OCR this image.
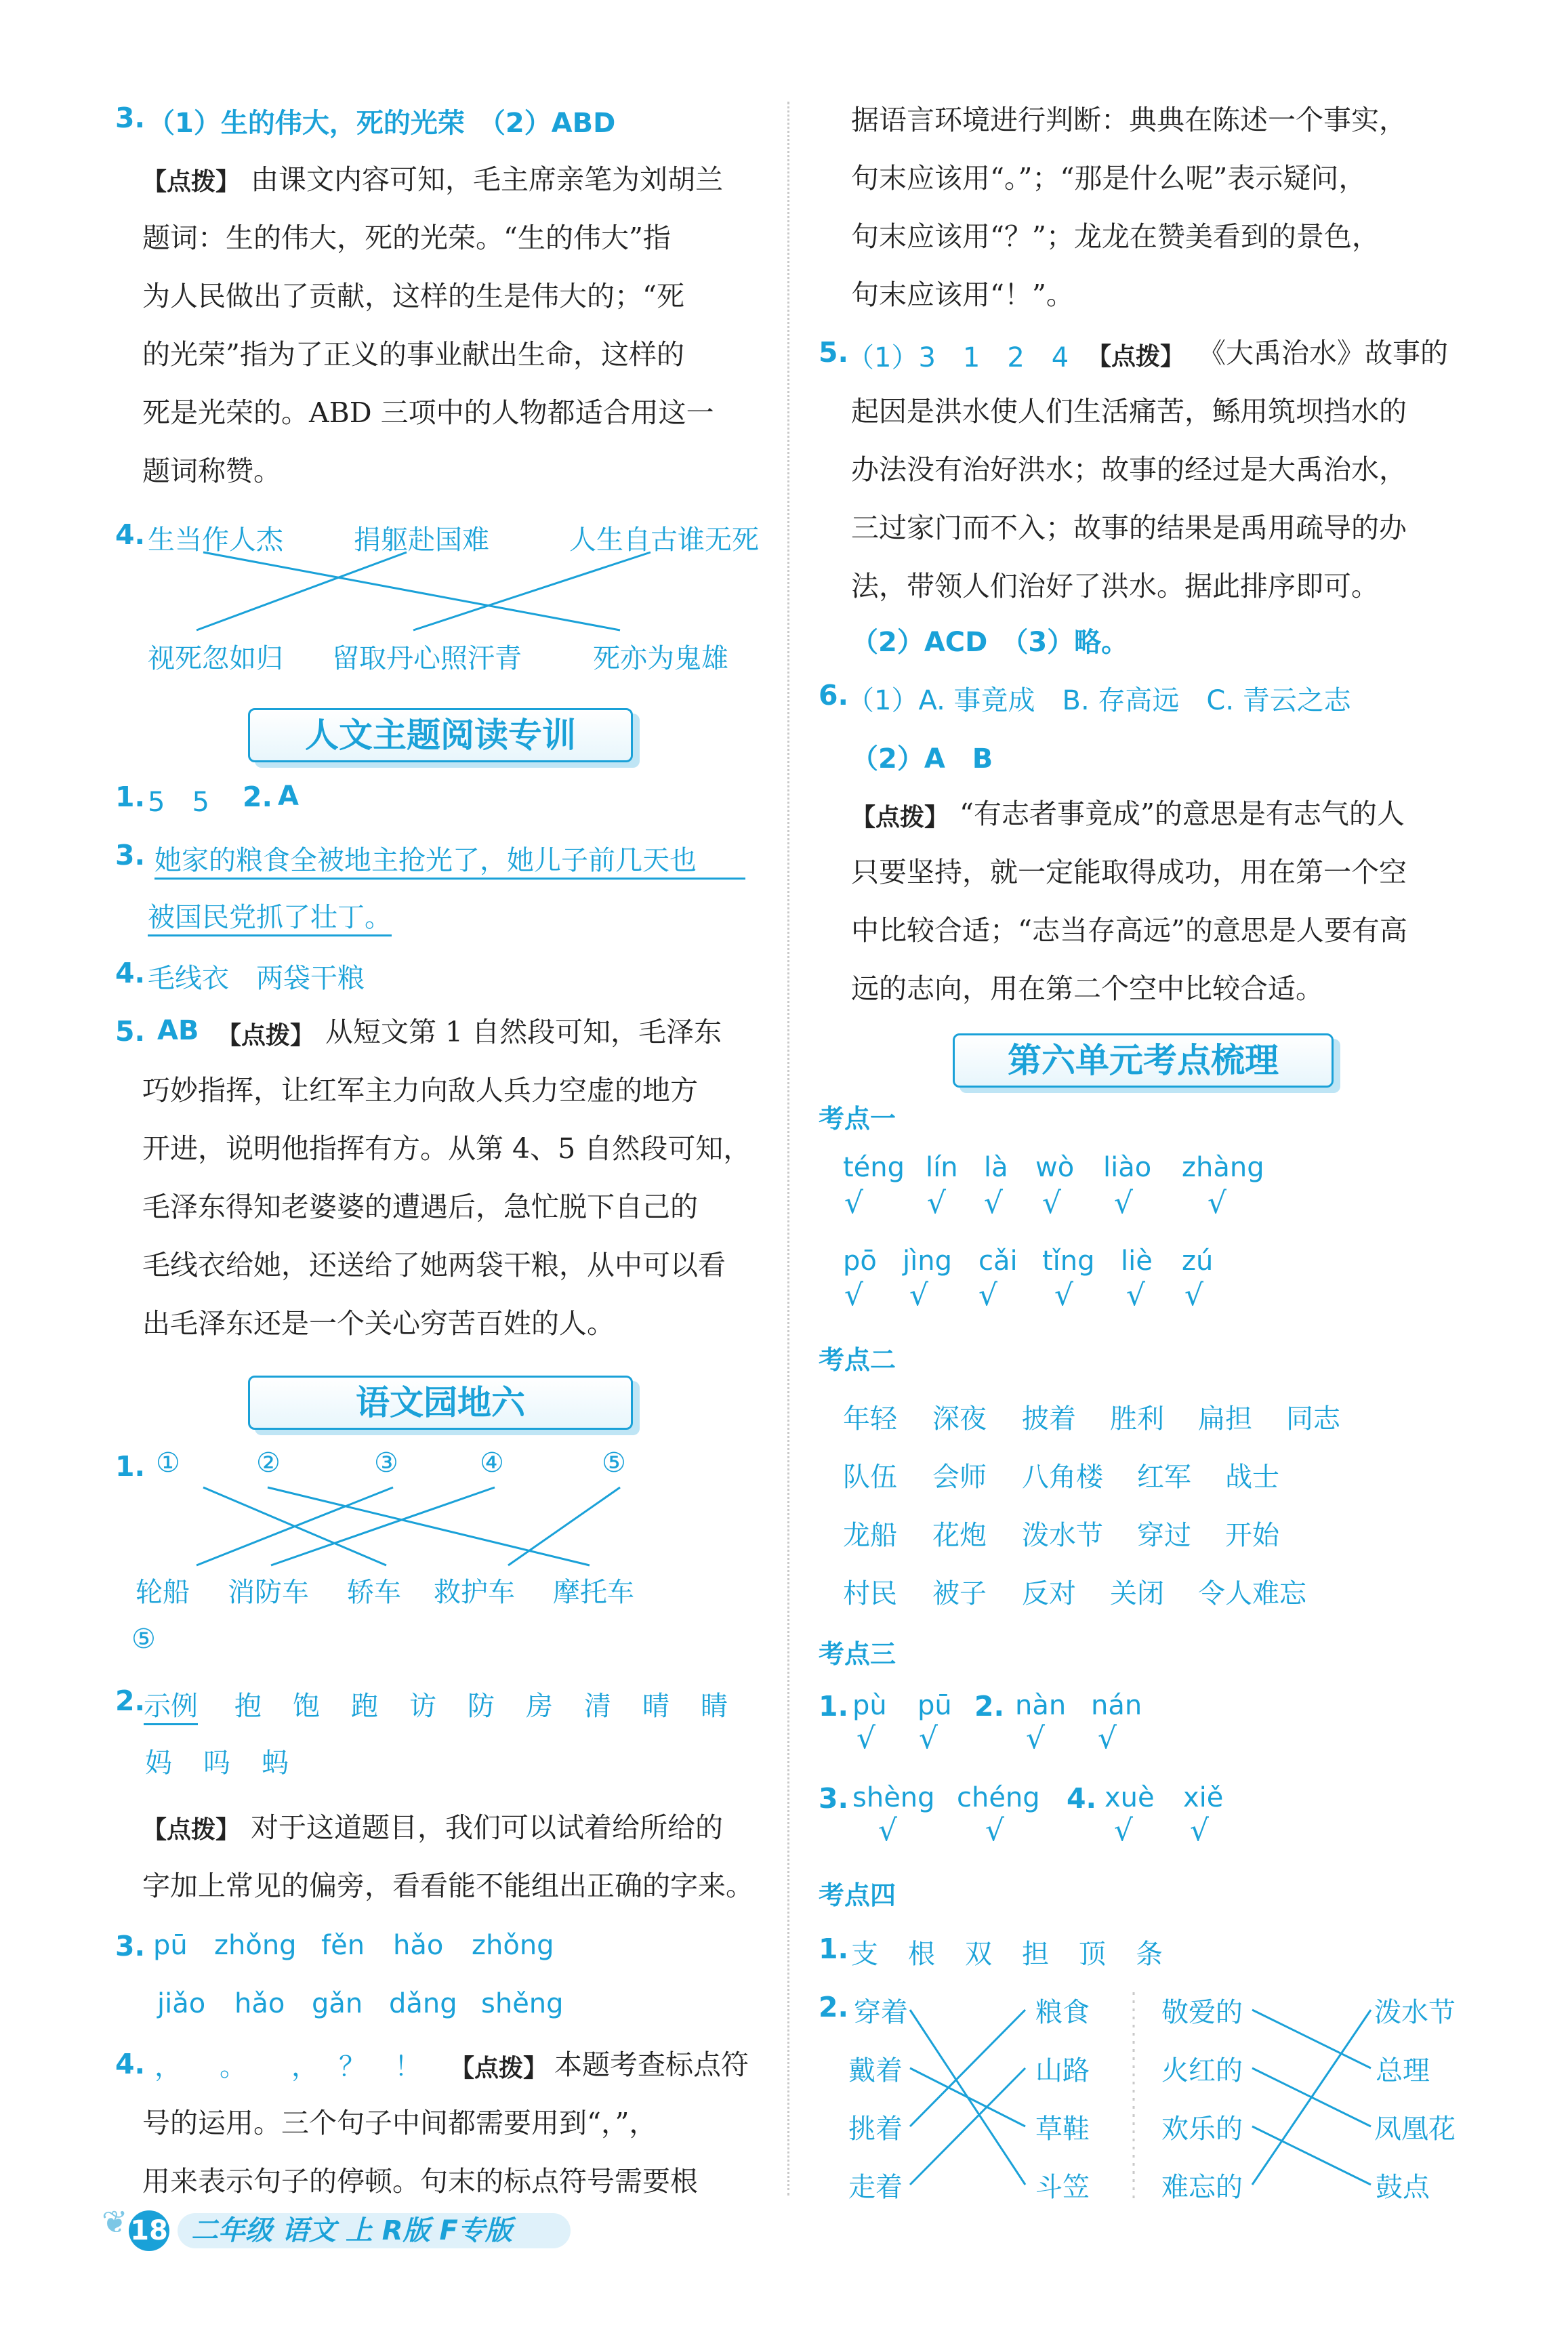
3. （1）生的伟大，死的光荣　（2）ABD
【点拨】 由课文内容可知，毛主席亲笔为刘胡兰
题词：生的伟大，死的光荣。“生的伟大”指
为人民做出了贡献，这样的生是伟大的；“死
的光荣”指为了正义的事业献出生命，这样的
死是光荣的。ABD 三项中的人物都适合用这一
题词称赞。
4. 生当作人杰	捐躯赴国难	人生自古谁无死
视死忽如归 留取丹心照汗青	死亦为鬼雄
人文主题阅读专训
1. 5　5 2. A
3. 她家的粮食全被地主抢光了，她儿子前几天也
被国民党抓了壮丁。
4. 毛线衣　两袋干粮
5. AB 【点拨】 从短文第 1 自然段可知，毛泽东
巧妙指挥，让红军主力向敌人兵力空虚的地方
开进，说明他指挥有方。从第 4、5 自然段可知，
毛泽东得知老婆婆的遭遇后，急忙脱下自己的
毛线衣给她，还送给了她两袋干粮，从中可以看
出毛泽东还是一个关心穷苦百姓的人。
语文园地六
1. ①	②	③	④	⑤
轮船 消防车 轿车 救护车 摩托车
⑤
2.
示例 抱 饱 跑 访 防 房 清 晴 睛
妈 吗 蚂
【点拨】 对于这道题目，我们可以试着给所给的
字加上常见的偏旁，看看能不能组出正确的字来。
3. pū zhǒng fěn hǎo zhǒng
jiǎo hǎo gǎn dǎng shěng
4. ， 。 ， ？ ！ 【点拨】 本题考查标点符
号的运用。三个句子中间都需要用到“，”，
用来表示句子的停顿。句末的标点符号需要根
据语言环境进行判断：典典在陈述一个事实，
句末应该用“。”；“那是什么呢”表示疑问，
句末应该用“？”；龙龙在赞美看到的景色，
句末应该用“！”。
5.
（1）3　1　2　4 【点拨】 《大禹治水》故事的
起因是洪水使人们生活痛苦，鲧用筑坝挡水的
办法没有治好洪水；故事的经过是大禹治水，
三过家门而不入；故事的结果是禹用疏导的办
法，带领人们治好了洪水。据此排序即可。
（2）ACD　（3）略。
6.
（1）A. 事竟成　B. 存高远　C. 青云之志
（2）A　B
【点拨】 “有志者事竟成”的意思是有志气的人
只要坚持，就一定能取得成功，用在第一个空
中比较合适；“志当存高远”的意思是人要有高
远的志向，用在第二个空中比较合适。
第六单元考点梳理
考点一
téng lín là wò liào zhàng
√ √ √ √ √ √
pō jìng cǎi tǐng liè zú
√ √ √ √ √ √
考点二
年轻 深夜 披着 胜利 扁担 同志
队伍 会师 八角楼 红军 战士
龙船 花炮 泼水节 穿过 开始
村民 被子 反对 关闭 令人难忘
考点三
1. pù pū 2. nàn nán
√ √	√ √
3. shèng chéng 4. xuè xiě
√	√	√ √
考点四
1. 支 根 双 担 顶 条
2. 穿着
戴着
挑着
走着
粮食
山路
草鞋
斗笠
敬爱的
火红的
欢乐的
难忘的
泼水节
总理
凤凰花
鼓点
❦ 18 二年级 语文 上 R版 F专版
